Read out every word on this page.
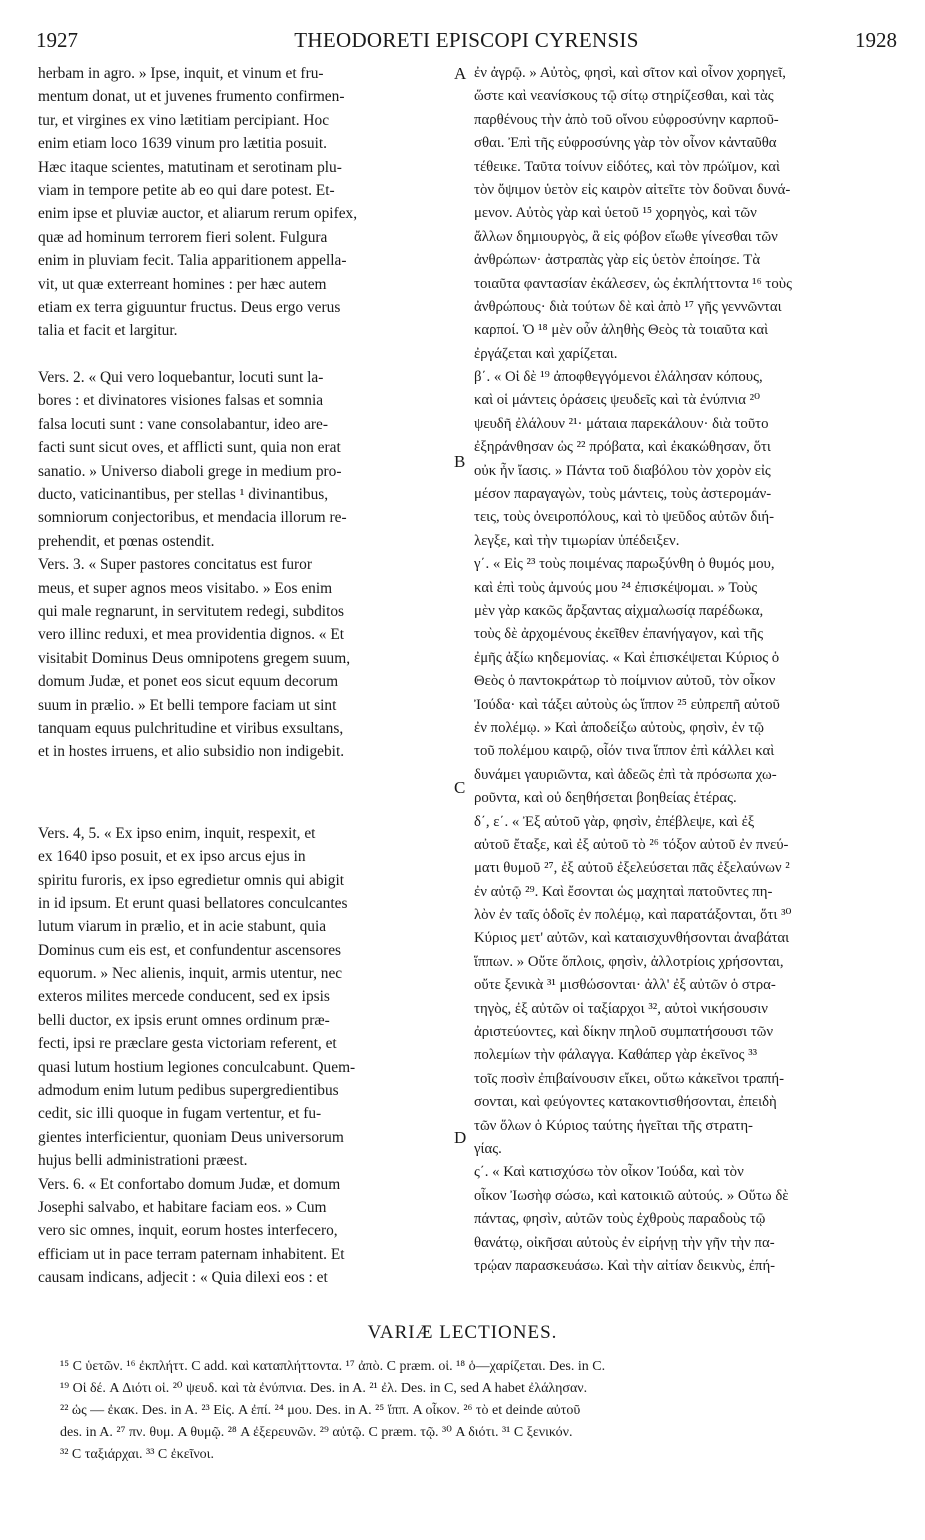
1927	THEODORETI EPISCOPI CYRENSIS	1928
herbam in agro. » Ipse, inquit, et vinum et fru-
mentum donat, ut et juvenes frumento confirmen-
tur, et virgines ex vino lætitiam percipiant. Hoc
enim etiam loco 1639 vinum pro lætitia posuit.
Hæc itaque scientes, matutinam et serotinam plu-
viam in tempore petite ab eo qui dare potest. Et-
enim ipse et pluviæ auctor, et aliarum rerum opifex,
quæ ad hominum terrorem fieri solent. Fulgura
enim in pluviam fecit. Talia apparitionem appella-
vit, ut quæ exterreant homines : per hæc autem
etiam ex terra giguuntur fructus. Deus ergo verus
talia et facit et largitur.
Vers. 2. « Qui vero loquebantur, locuti sunt la-
bores : et divinatores visiones falsas et somnia
falsa locuti sunt : vane consolabantur, ideo are-
facti sunt sicut oves, et afflicti sunt, quia non erat
sanatio. » Universo diaboli grege in medium pro-
ducto, vaticinantibus, per stellas ¹ divinantibus,
somniorum conjectoribus, et mendacia illorum re-
prehendit, et pœnas ostendit.
Vers. 3. « Super pastores concitatus est furor
meus, et super agnos meos visitabo. » Eos enim
qui male regnarunt, in servitutem redegi, subditos
vero illinc reduxi, et mea providentia dignos. « Et
visitabit Dominus Deus omnipotens gregem suum,
domum Judæ, et ponet eos sicut equum decorum
suum in prælio. » Et belli tempore faciam ut sint
tanquam equus pulchritudine et viribus exsultans,
et in hostes irruens, et alio subsidio non indigebit.
Vers. 4, 5. « Ex ipso enim, inquit, respexit, et
ex 1640 ipso posuit, et ex ipso arcus ejus in
spiritu furoris, ex ipso egredietur omnis qui abigit
in id ipsum. Et erunt quasi bellatores conculcantes
lutum viarum in prælio, et in acie stabunt, quia
Dominus cum eis est, et confundentur ascensores
equorum. » Nec alienis, inquit, armis utentur, nec
exteros milites mercede conducent, sed ex ipsis
belli ductor, ex ipsis erunt omnes ordinum præ-
fecti, ipsi re præclare gesta victoriam referent, et
quasi lutum hostium legiones conculcabunt. Quem-
admodum enim lutum pedibus supergredientibus
cedit, sic illi quoque in fugam vertentur, et fu-
gientes interficientur, quoniam Deus universorum
hujus belli administrationi præest.
Vers. 6. « Et confortabo domum Judæ, et domum
Josephi salvabo, et habitare faciam eos. » Cum
vero sic omnes, inquit, eorum hostes interfecero,
efficiam ut in pace terram paternam inhabitent. Et
causam indicans, adjecit : « Quia dilexi eos : et
ἐν ἀγρῷ. » Αὐτὸς, φησὶ, καὶ σῖτον καὶ οἶνον χορηγεῖ,
ὥστε καὶ νεανίσκους τῷ σίτῳ στηρίζεσθαι, καὶ τὰς
παρθένους τὴν ἀπὸ τοῦ οἴνου εὐφροσύνην καρποῦ-
σθαι. Ἐπὶ τῆς εὐφροσύνης γὰρ τὸν οἶνον κἀνταῦθα
τέθεικε. Ταῦτα τοίνυν εἰδότες, καὶ τὸν πρώϊμον, καὶ
τὸν ὄψιμον ὑετὸν εἰς καιρὸν αἰτεῖτε τὸν δοῦναι δυνά-
μενον. Αὐτὸς γὰρ καὶ ὑετοῦ ¹⁵ χορηγὸς, καὶ τῶν
ἄλλων δημιουργὸς, ἃ εἰς φόβον εἴωθε γίνεσθαι τῶν
ἀνθρώπων· ἀστραπὰς γὰρ εἰς ὑετὸν ἐποίησε. Τὰ
τοιαῦτα φαντασίαν ἐκάλεσεν, ὡς ἐκπλήττοντα ¹⁶ τοὺς
ἀνθρώπους· διὰ τούτων δὲ καὶ ἀπὸ ¹⁷ γῆς γεννῶνται
καρποί. Ὁ ¹⁸ μὲν οὖν ἀληθὴς Θεὸς τὰ τοιαῦτα καὶ
ἐργάζεται καὶ χαρίζεται.
β΄. « Οἱ δὲ ¹⁹ ἀποφθεγγόμενοι ἐλάλησαν κόπους,
καὶ οἱ μάντεις ὁράσεις ψευδεῖς καὶ τὰ ἐνύπνια ²⁰
ψευδῆ ἐλάλουν ²¹· μάταια παρεκάλουν· διὰ τοῦτο
ἐξηράνθησαν ὡς ²² πρόβατα, καὶ ἐκακώθησαν, ὅτι
οὐκ ἦν ἴασις. » Πάντα τοῦ διαβόλου τὸν χορὸν εἰς
μέσον παραγαγὼν, τοὺς μάντεις, τοὺς ἀστερομάν-
τεις, τοὺς ὀνειροπόλους, καὶ τὸ ψεῦδος αὐτῶν διή-
λεγξε, καὶ τὴν τιμωρίαν ὑπέδειξεν.
γ΄. « Εἰς ²³ τοὺς ποιμένας παρωξύνθη ὁ θυμός μου,
καὶ ἐπὶ τοὺς ἀμνούς μου ²⁴ ἐπισκέψομαι. » Τοὺς
μὲν γὰρ κακῶς ἄρξαντας αἰχμαλωσίᾳ παρέδωκα,
τοὺς δὲ ἀρχομένους ἐκεῖθεν ἐπανήγαγον, καὶ τῆς
ἐμῆς ἀξίω κηδεμονίας. « Καὶ ἐπισκέψεται Κύριος ὁ
Θεὸς ὁ παντοκράτωρ τὸ ποίμνιον αὐτοῦ, τὸν οἶκον
Ἰούδα· καὶ τάξει αὐτοὺς ὡς ἵππον ²⁵ εὐπρεπῆ αὐτοῦ
ἐν πολέμῳ. » Καὶ ἀποδείξω αὐτοὺς, φησὶν, ἐν τῷ
τοῦ πολέμου καιρῷ, οἷόν τινα ἵππον ἐπὶ κάλλει καὶ
δυνάμει γαυριῶντα, καὶ ἀδεῶς ἐπὶ τὰ πρόσωπα χω-
ροῦντα, καὶ οὐ δεηθήσεται βοηθείας ἑτέρας.
δ΄, ε΄. « Ἐξ αὐτοῦ γὰρ, φησὶν, ἐπέβλεψε, καὶ ἐξ
αὐτοῦ ἔταξε, καὶ ἐξ αὐτοῦ τὸ ²⁶ τόξον αὐτοῦ ἐν πνεύ-
ματι θυμοῦ ²⁷, ἐξ αὐτοῦ ἐξελεύσεται πᾶς ἐξελαύνων ²
ἐν αὐτῷ ²⁹. Καὶ ἔσονται ὡς μαχηταὶ πατοῦντες πη-
λὸν ἐν ταῖς ὁδοῖς ἐν πολέμῳ, καὶ παρατάξονται, ὅτι ³⁰
Κύριος μετ' αὐτῶν, καὶ καταισχυνθήσονται ἀναβάται
ἵππων. » Οὔτε ὅπλοις, φησὶν, ἀλλοτρίοις χρήσονται,
οὔτε ξενικὰ ³¹ μισθώσονται· ἀλλ' ἐξ αὐτῶν ὁ στρα-
τηγὸς, ἐξ αὐτῶν οἱ ταξίαρχοι ³², αὐτοὶ νικήσουσιν
ἀριστεύοντες, καὶ δίκην πηλοῦ συμπατήσουσι τῶν
πολεμίων τὴν φάλαγγα. Καθάπερ γὰρ ἐκεῖνος ³³
τοῖς ποσὶν ἐπιβαίνουσιν εἴκει, οὕτω κἀκεῖνοι τραπή-
σονται, καὶ φεύγοντες κατακοντισθήσονται, ἐπειδὴ
τῶν ὅλων ὁ Κύριος ταύτης ἡγεῖται τῆς στρατη-
γίας.
ς΄. « Καὶ κατισχύσω τὸν οἶκον Ἰούδα, καὶ τὸν
οἶκον Ἰωσὴφ σώσω, καὶ κατοικιῶ αὐτούς. » Οὕτω δὲ
πάντας, φησὶν, αὐτῶν τοὺς ἐχθροὺς παραδοὺς τῷ
θανάτῳ, οἰκῆσαι αὐτοὺς ἐν εἰρήνῃ τὴν γῆν τὴν πα-
τρῴαν παρασκευάσω. Καὶ τὴν αἰτίαν δεικνὺς, ἐπή-
A
B
C
D
VARIÆ LECTIONES.
¹⁵ C ὑετῶν. ¹⁶ ἐκπλήττ. C add. καὶ καταπλήττοντα. ¹⁷ ἀπὸ. C præm. οἱ. ¹⁸ ὁ—χαρίζεται. Des. in C.
¹⁹ Οἱ δέ. A Διότι οἱ. ²⁰ ψευδ. καὶ τὰ ἐνύπνια. Des. in A. ²¹ ἐλ. Des. in C, sed A habet ἐλάλησαν.
²² ὡς — ἐκακ. Des. in A. ²³ Εἰς. A ἐπί. ²⁴ μου. Des. in A. ²⁵ ἵππ. A οἶκον. ²⁶ τὸ et deinde αὐτοῦ
des. in A. ²⁷ πν. θυμ. A θυμῷ. ²⁸ A ἐξερευνῶν. ²⁹ αὐτῷ. C præm. τῷ. ³⁰ A διότι. ³¹ C ξενικόν.
³² C ταξιάρχαι. ³³ C ἐκεῖνοι.
